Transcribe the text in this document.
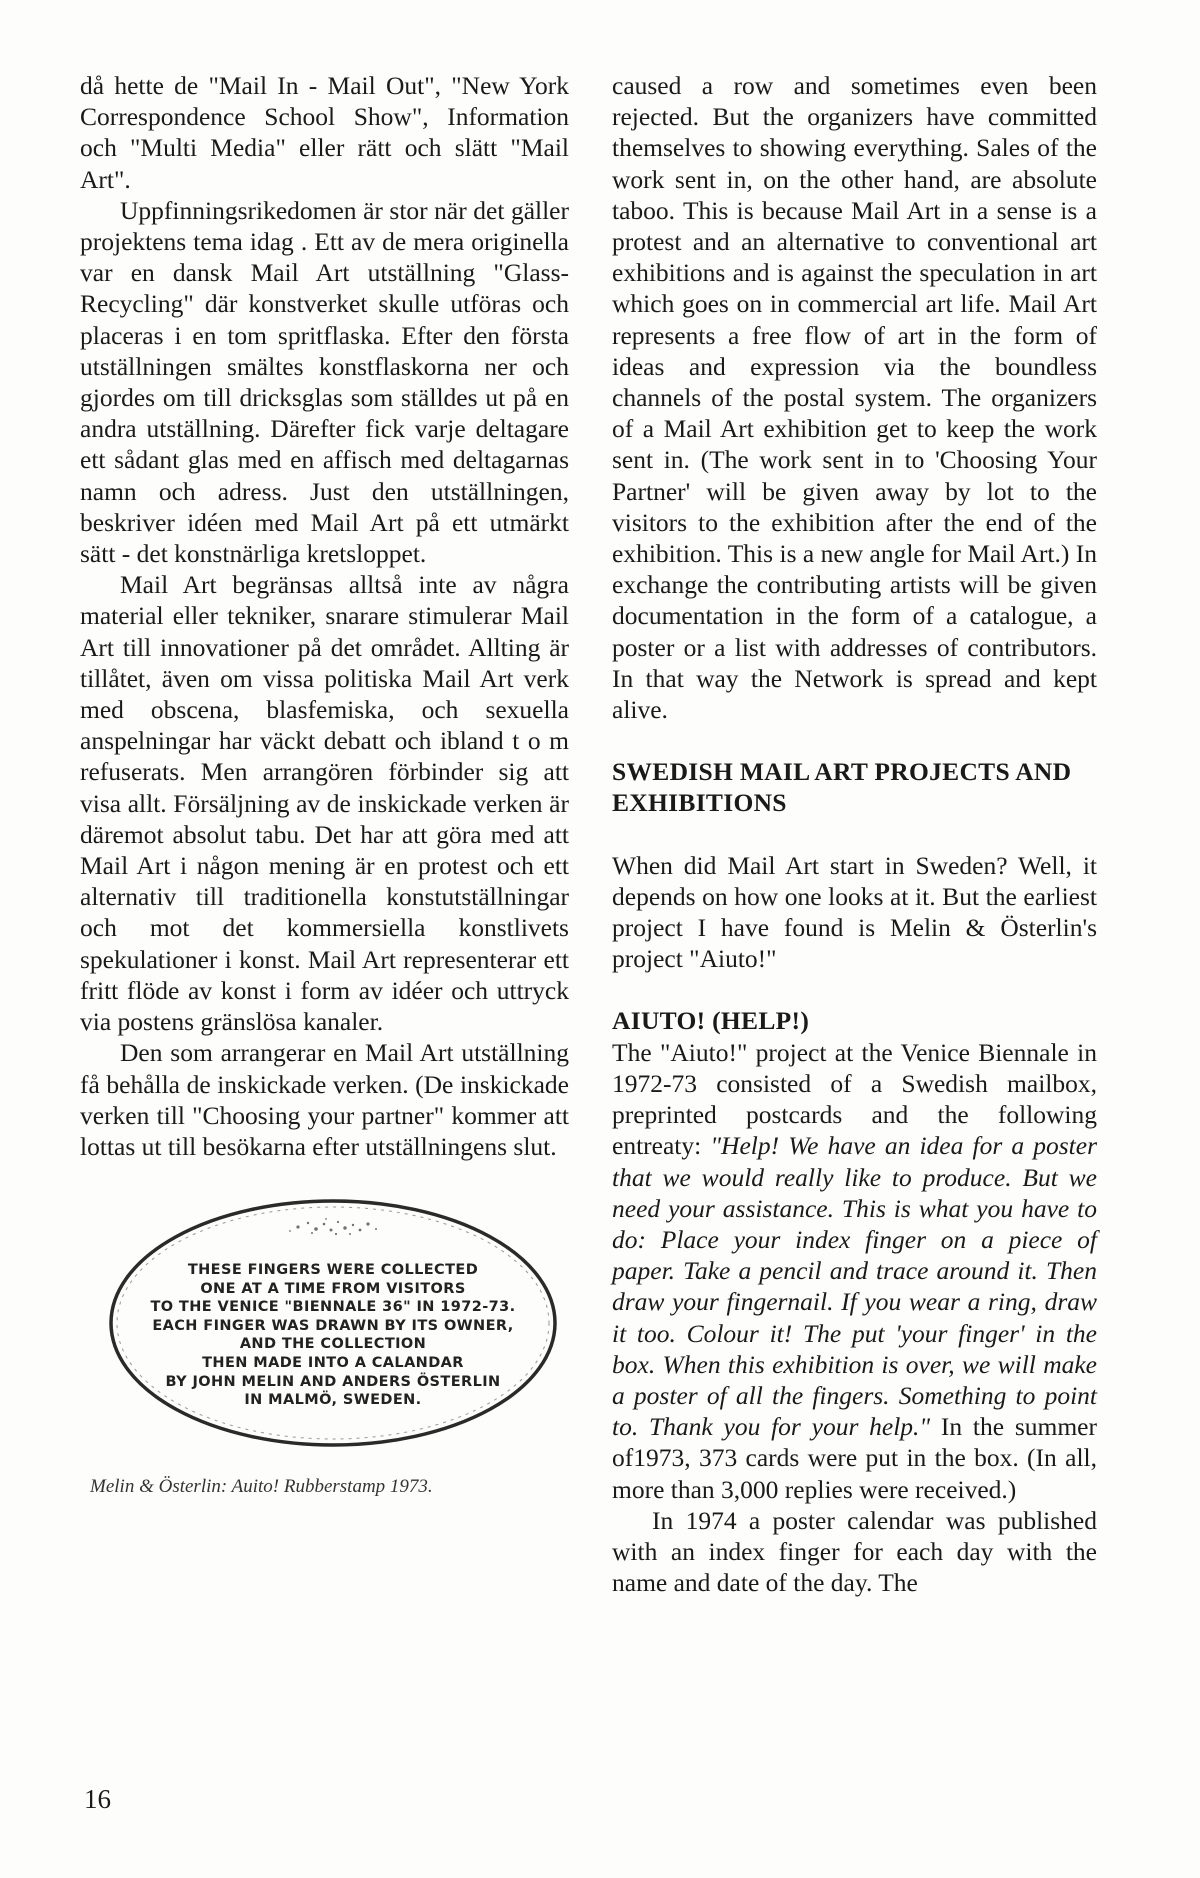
då hette de "Mail In - Mail Out", "New York Correspondence School Show", Information och "Multi Media" eller rätt och slätt "Mail Art".

Uppfinningsrikedomen är stor när det gäller projektens tema idag . Ett av de mera originella var en dansk Mail Art utställning "Glass-Recycling" där konstverket skulle utföras och placeras i en tom spritflaska. Efter den första utställningen smältes konstflaskorna ner och gjordes om till dricksglas som ställdes ut på en andra utställning. Därefter fick varje deltagare ett sådant glas med en affisch med deltagarnas namn och adress. Just den utställningen, beskriver idéen med Mail Art på ett utmärkt sätt - det konstnärliga kretsloppet.

Mail Art begränsas alltså inte av några material eller tekniker, snarare stimulerar Mail Art till innovationer på det området. Allting är tillåtet, även om vissa politiska Mail Art verk med obscena, blasfemiska, och sexuella anspelningar har väckt debatt och ibland t o m refuserats. Men arrangören förbinder sig att visa allt. Försäljning av de inskickade verken är däremot absolut tabu. Det har att göra med att Mail Art i någon mening är en protest och ett alternativ till traditionella konstutställningar och mot det kommersiella konstlivets spekulationer i konst. Mail Art representerar ett fritt flöde av konst i form av idéer och uttryck via postens gränslösa kanaler.

Den som arrangerar en Mail Art utställning få behålla de inskickade verken. (De inskickade verken till "Choosing your partner" kommer att lottas ut till besökarna efter utställningens slut.

THESE FINGERS WERE COLLECTED
ONE AT A TIME FROM VISITORS
TO THE VENICE "BIENNALE 36" IN 1972-73.
EACH FINGER WAS DRAWN BY ITS OWNER,
AND THE COLLECTION
THEN MADE INTO A CALANDAR
BY JOHN MELIN AND ANDERS ÖSTERLIN
IN MALMÖ, SWEDEN.
Melin & Österlin: Auito! Rubberstamp 1973.

caused a row and sometimes even been rejected. But the organizers have committed themselves to showing everything. Sales of the work sent in, on the other hand, are absolute taboo. This is because Mail Art in a sense is a protest and an alternative to conventional art exhibitions and is against the speculation in art which goes on in commercial art life. Mail Art represents a free flow of art in the form of ideas and expression via the boundless channels of the postal system. The organizers of a Mail Art exhibition get to keep the work sent in. (The work sent in to 'Choosing Your Partner' will be given away by lot to the visitors to the exhibition after the end of the exhibition. This is a new angle for Mail Art.) In exchange the contributing artists will be given documentation in the form of a catalogue, a poster or a list with addresses of contributors. In that way the Network is spread and kept alive.

SWEDISH MAIL ART PROJECTS AND EXHIBITIONS

When did Mail Art start in Sweden? Well, it depends on how one looks at it. But the earliest project I have found is Melin & Österlin's project "Aiuto!"

AIUTO! (HELP!)

The "Aiuto!" project at the Venice Biennale in 1972-73 consisted of a Swedish mailbox, preprinted postcards and the following entreaty: "Help! We have an idea for a poster that we would really like to produce. But we need your assistance. This is what you have to do: Place your index finger on a piece of paper. Take a pencil and trace around it. Then draw your fingernail. If you wear a ring, draw it too. Colour it! The put 'your finger' in the box. When this exhibition is over, we will make a poster of all the fingers. Something to point to. Thank you for your help." In the summer of1973, 373 cards were put in the box. (In all, more than 3,000 replies were received.)

In 1974 a poster calendar was published with an index finger for each day with the name and date of the day. The

16
